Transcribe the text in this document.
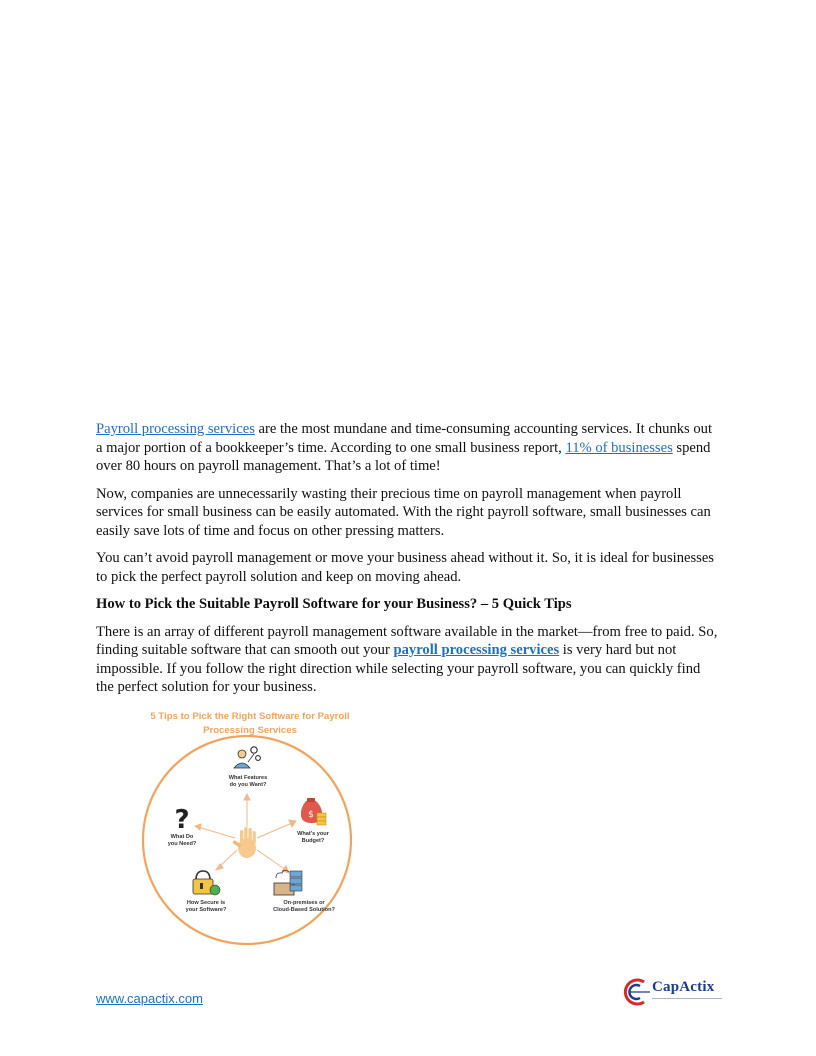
Payroll processing services are the most mundane and time-consuming accounting services. It chunks out a major portion of a bookkeeper’s time. According to one small business report, 11% of businesses spend over 80 hours on payroll management. That’s a lot of time!

Now, companies are unnecessarily wasting their precious time on payroll management when payroll services for small business can be easily automated. With the right payroll software, small businesses can easily save lots of time and focus on other pressing matters.

You can’t avoid payroll management or move your business ahead without it. So, it is ideal for businesses to pick the perfect payroll solution and keep on moving ahead.

How to Pick the Suitable Payroll Software for your Business? – 5 Quick Tips

There is an array of different payroll management software available in the market—from free to paid. So, finding suitable software that can smooth out your payroll processing services is very hard but not impossible. If you follow the right direction while selecting your payroll software, you can quickly find the perfect solution for your business.

5 Tips to Pick the Right Software for Payroll
Processing Services
$
?
What Features
do you Want?
What's your
Budget?
On-premises or
Cloud-Based Solution?
How Secure is
your Software?
What Do
you Need?
www.capactix.com
CapActix
